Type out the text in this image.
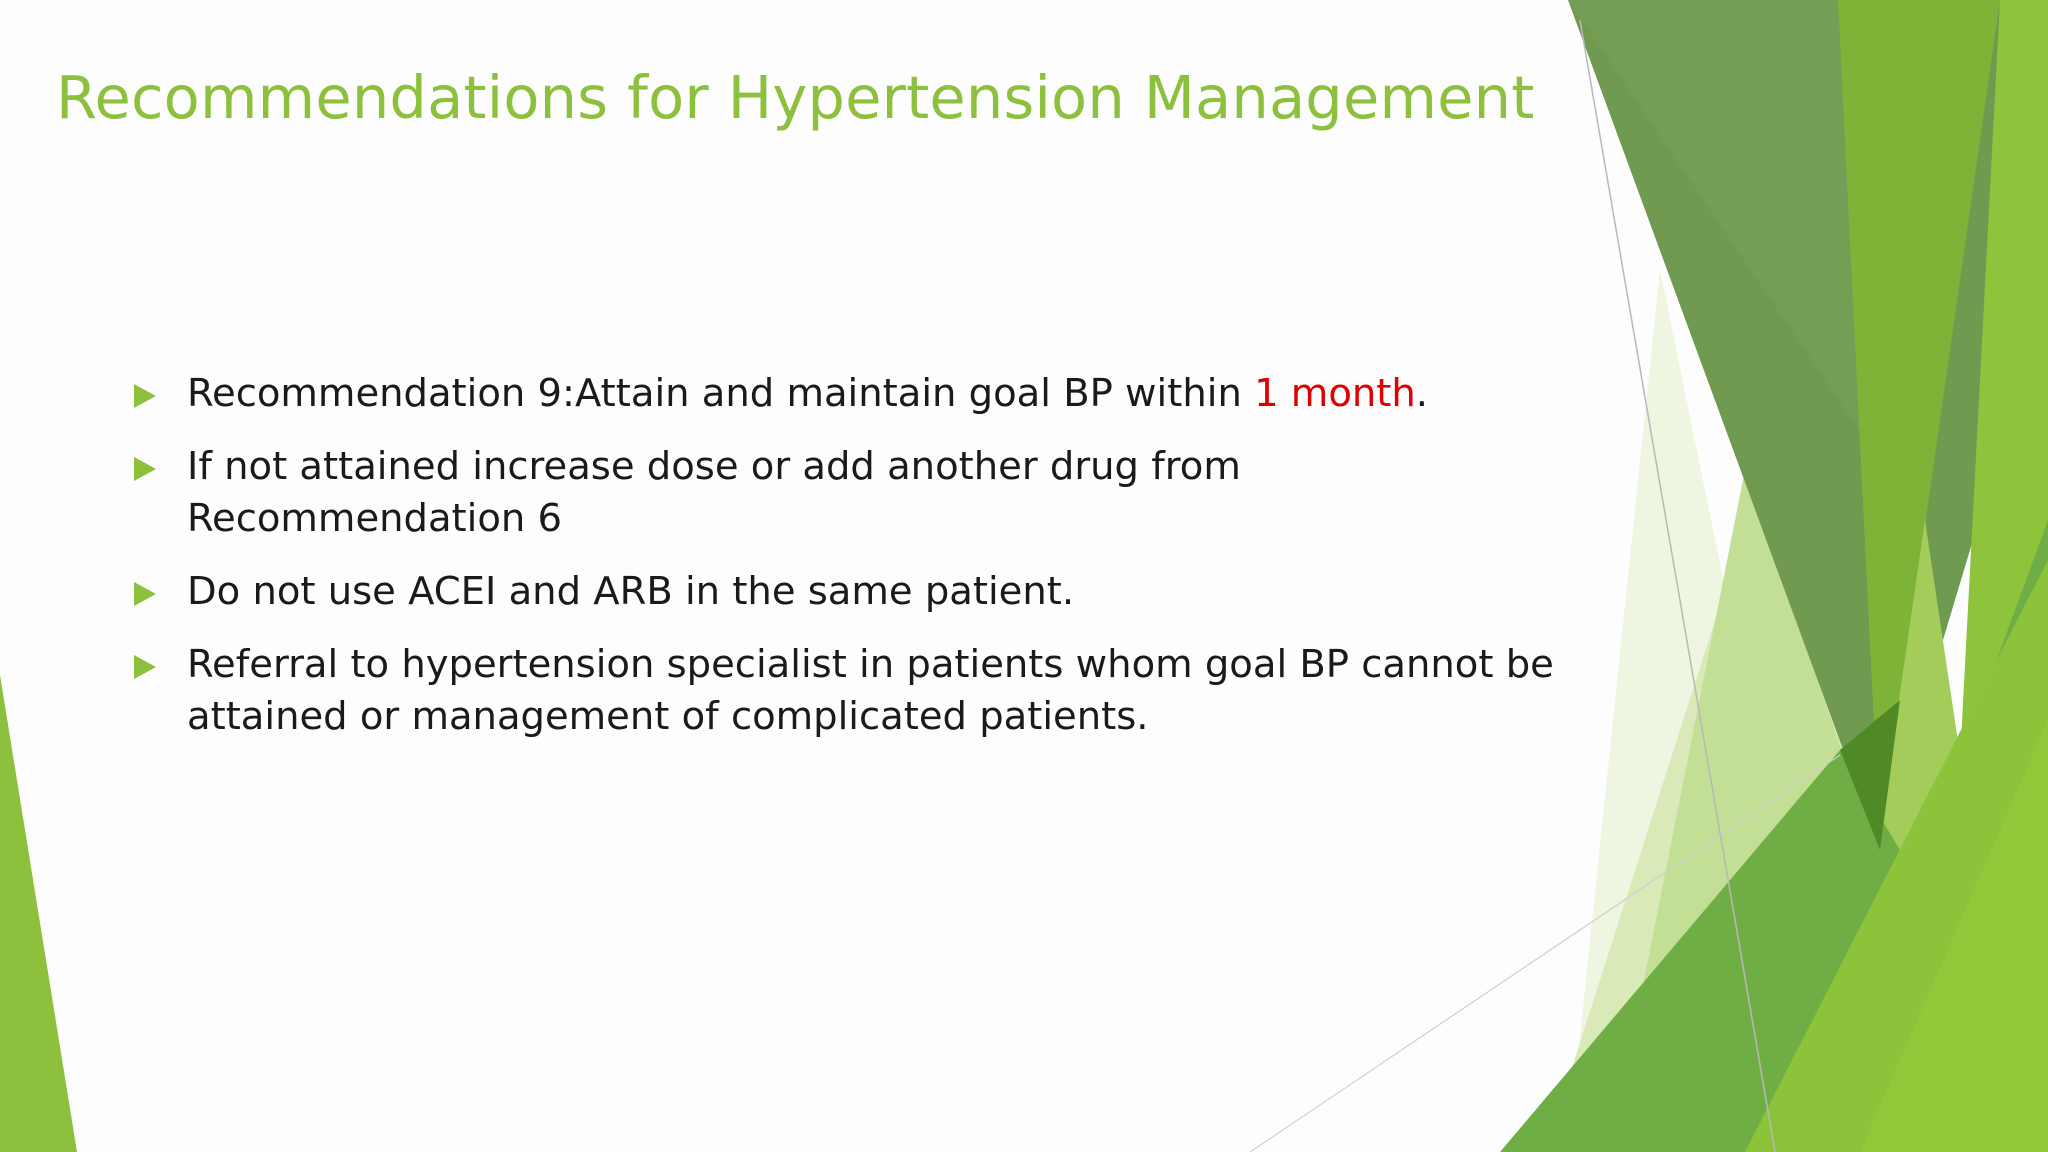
Recommendations for Hypertension Management
Recommendation 9:Attain and maintain goal BP within 1 month.
If not attained increase dose or add another drug from Recommendation 6
Do not use ACEI and ARB in the same patient.
Referral to hypertension specialist in patients whom goal BP cannot be attained or management of complicated patients.
